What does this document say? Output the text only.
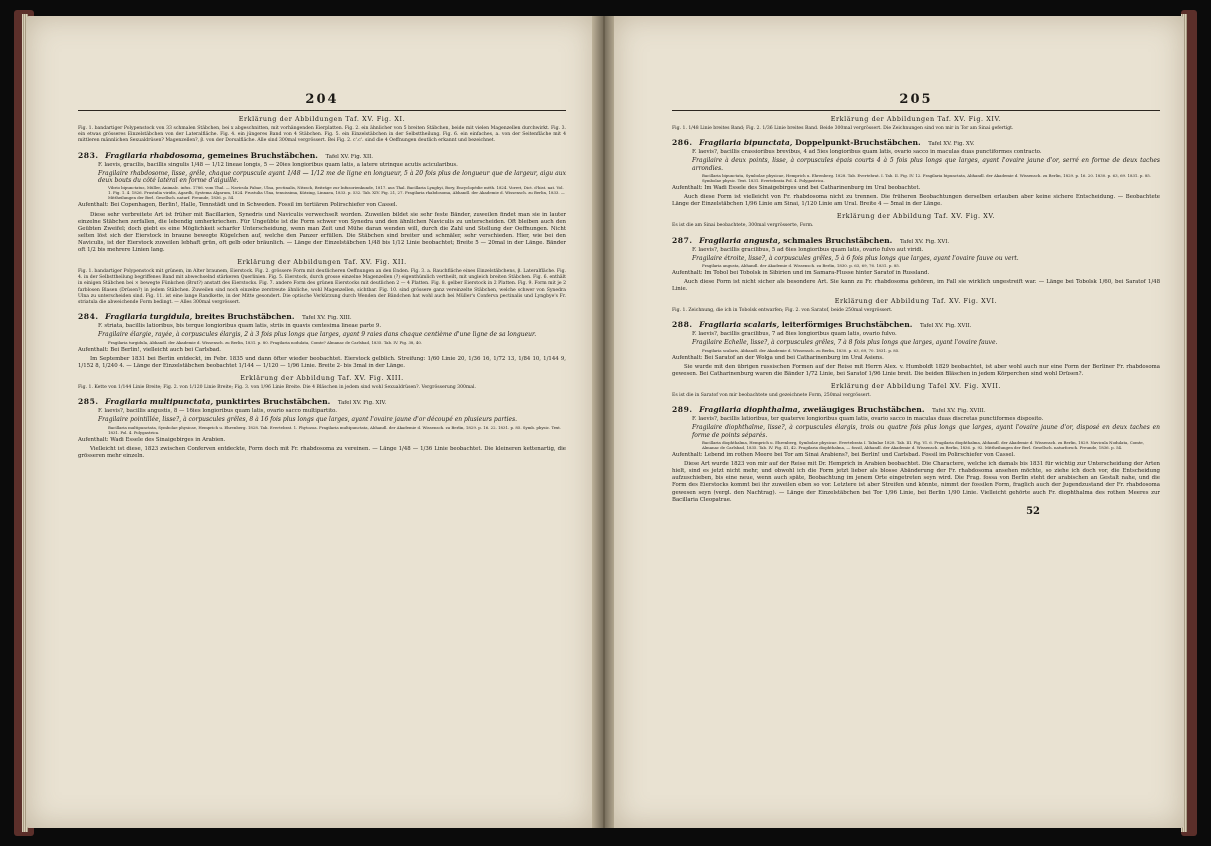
204
Erklärung der Abbildungen Taf. XV. Fig. XI.

Fig. 1. bandartiger Polypenstock von 33 schmalen Stäbchen, bei x abgeschnitten, mit vorhängenden Eierplatten. Fig. 2. ein ähnlicher von 5 breiten Stäbchen, beide mit vielen Magenzellen durchwirkt. Fig. 3. ein etwas grösseres Einzelstäbchen von der Lateralfläche. Fig. 4. ein jüngeres Band von 4 Stäbchen. Fig. 5. ein Einzelstäbchen in der Selbsttheilung. Fig. 6. ein einfaches, a. von der Seitenfläche mit 4 mittleren männlichen Sexualdrüsen? Magenzellen?, β. von der Dorsalfläche. Alle sind 300mal vergrössert. Bei Fig. 2. c'.c'. sind die 4 Oeffnungen deutlich erkannt und bezeichnet.

283. Fragilaria rhabdosoma, gemeines Bruchstäbchen. Tafel XV. Fig. XII.

F. laevis, gracilis, bacillis singulis 1/48 — 1/12 lineae longis, 5 — 20ies longioribus quam latis, a latere utrinque acutis acicularibus.

Fragilaire rhabdosome, lisse, grêle, chaque corpuscule ayant 1/48 — 1/12 me de ligne en longueur, 5 à 20 fois plus de longueur que de largeur, aigu aux deux bouts du côté latéral en forme d'aiguille.

Vibrio bipunctatus, Müller, Animalc. infus. 1786. vom Thal. — Navicula Fabae, Ulna, pectinalis, Nitzsch, Beiträge zur Infusorienkunde, 1817. aus Thal. Bacillaria Lyngbyi, Bory, Encyclopédie méth. 1824. Vorret, Dict. d'hist. nat. Vol. 1. Fig. 1. 4. 1826. Frustulia viridis, Agardh, Systema Algarum, 1824. Frustulia Ulna, tenuissima, Kützing, Linnaea, 1833. p. 532. Tab. XIV. Fig. 21, 27. Fragilaria rhabdosoma, Abhandl. der Akademie d. Wissensch. zu Berlin, 1833. — Mittheilungen der Berl. Gesellsch. naturf. Freunde, 1836. p. 54.

Aufenthalt: Bei Copenhagen, Berlin!, Halle, Tennstädt und in Schweden. Fossil im tertiären Polirschiefer von Cassel.

Diese sehr verbreitete Art ist früher mit Bacillarien, Synedris und Naviculis verwechselt worden. Zuweilen bildet sie sehr feste Bänder, zuweilen findet man sie in lauter einzelne Stäbchen zerfallen, die lebendig umherkriechen. Für Ungeübte ist die Form schwer von Synedra und den ähnlichen Naviculis zu unterscheiden. Oft bleiben auch den Geübten Zweifel; doch giebt es eine Möglichkeit scharfer Unterscheidung, wenn man Zeit und Mühe daran wenden will, durch die Zahl und Stellung der Oeffnungen. Nicht selten löst sich der Eierstock in braune bewegte Kügelchen auf, welche den Panzer erfüllen. Die Stäbchen sind breiter und schmäler, sehr verschieden. Hier, wie bei den Naviculis, ist der Eierstock zuweilen lebhaft grün, oft gelb oder bräunlich. — Länge der Einzelstäbchen 1/48 bis 1/12 Linie beobachtet; Breite 5 — 20mal in der Länge. Bänder oft 1/2 bis mehrere Linien lang.

Erklärung der Abbildungen Taf. XV. Fig. XII.

Fig. 1. bandartiger Polypenstock mit grünem, im Alter braunem, Eierstock. Fig. 2. grössere Form mit deutlicheren Oeffnungen an den Enden. Fig. 3. a. Rauchfläche eines Einzelstäbchens, β. Lateralfläche. Fig. 4. in der Selbsttheilung begriffenes Band mit abwechselnd stärkeren Querlinien. Fig. 5. Eierstock, durch grosse einzelne Magenzellen (?) eigenthümlich vertheilt, mit ungleich breiten Stäbchen. Fig. 6. enthält in einigen Stäbchen bei × bewegte Fünkchen (Brut?) anstatt des Eierstocks. Fig. 7. andere Form des grünen Eierstocks mit deutlichen 2 — 4 Platten. Fig. 8. gelber Eierstock in 2 Platten. Fig. 9. Form mit je 2 farblosen Blasen (Drüsen?) in jedem Stäbchen. Zuweilen sind noch einzelne zerstreute ähnliche, wohl Magenzellen, sichtbar. Fig. 10. sind grössere ganz vereinzelte Stäbchen, welche schwer von Synedra Ulna zu unterscheiden sind. Fig. 11. ist eine lange Randkette, in der Mitte gesondert. Die optische Verkürzung durch Wenden der Bändchen hat wohl auch bei Müller's Conferva pectinalis und Lyngbye's Fr. striatula die abweichende Form bedingt. — Alles 300mal vergrössert.

284. Fragilaria turgidula, breites Bruchstäbchen. Tafel XV. Fig. XIII.

F. striata, bacillis latioribus, bis terque longioribus quam latis, striis in quavis centesima lineae parte 9.

Fragilaire élargie, rayée, à corpuscules élargis, 2 à 3 fois plus longs que larges, ayant 9 raies dans chaque centième d'une ligne de sa longueur.

Fragilaria turgidula, Abhandl. der Akademie d. Wissensch. zu Berlin, 1831. p. 80. Fragilaria nodulata, Comte? Almanac de Carlsbad, 1835. Tab. IV. Fig. 38, 40.

Aufenthalt: Bei Berlin!, vielleicht auch bei Carlsbad.

Im September 1831 bei Berlin entdeckt, im Febr. 1835 und dann öfter wieder beobachtet. Eierstock gelblich. Streifung: 1/60 Linie 20, 1/36 16, 1/72 13, 1/84 10, 1/144 9, 1/152 8, 1/240 4. — Länge der Einzelstäbchen beobachtet 1/144 — 1/120 — 1/96 Linie. Breite 2- bis 3mal in der Länge.

Erklärung der Abbildung Taf. XV. Fig. XIII.

Fig. 1. Kette von 1/144 Linie Breite; Fig. 2. von 1/120 Linie Breite; Fig. 3. von 1/96 Linie Breite. Die 4 Bläschen in jedem sind wohl Sexualdrüsen?. Vergrösserung 300mal.

285. Fragilaria multipunctata, punktirtes Bruchstäbchen. Tafel XV. Fig. XIV.

F. laevis?, bacillis angustis, 8 — 16ies longioribus quam latis, ovario sacco multipartito.

Fragilaire pointillée, lisse?, à corpuscules grêles, 8 à 16 fois plus longs que larges, ayant l'ovaire jaune d'or découpé en plusieurs parties.

Bacillaria multipunctata, Symbolae physicae, Hemprich u. Ehrenberg. 1828. Tab. Evertebrat. 1. Phytozoa. Fragilaria multipunctata, Abhandl. der Akademie d. Wissensch. zu Berlin, 1829. p. 16. 22. 1831. p. 85. Symb. physic. Text. 1831. Pol. 4. Polygastrica.

Aufenthalt: Wadi Essele des Sinaigebirges in Arabien.

Vielleicht ist diese, 1823 zwischen Conferven entdeckte, Form doch mit Fr. rhabdosoma zu vereinen. — Länge 1/48 — 1/36 Linie beobachtet. Die kleineren kettenartig, die grösseren mehr einzeln.

205
Erklärung der Abbildungen Taf. XV. Fig. XIV.

Fig. 1. 1/48 Linie breites Band; Fig. 2. 1/36 Linie breites Band. Beide 300mal vergrössert. Die Zeichnungen sind von mir in Tor am Sinai gefertigt.

286. Fragilaria bipunctata, Doppelpunkt-Bruchstäbchen. Tafel XV. Fig. XV.

F. laevis?, bacillis crassioribus brevibus, 4 ad 5ies longioribus quam latis, ovario sacco in maculas duas punctiformes contracto.

Fragilaire à deux points, lisse, à corpuscules épais courts 4 à 5 fois plus longs que larges, ayant l'ovaire jaune d'or, serré en forme de deux taches arrondies.

Bacillaria bipunctata, Symbolae physicae, Hemprich u. Ehrenberg. 1828. Tab. Evertebrat. I. Tab. II. Fig. IV. 12. Fragilaria bipunctata, Abhandl. der Akademie d. Wissensch. zu Berlin, 1829. p. 16. 20. 1830. p. 63, 69. 1831. p. 85. Symbolae physic. Text. 1831. Evertebrata Pol. 4. Polygastrica.

Aufenthalt: Im Wadi Essele des Sinaigebirges und bei Catharinenburg im Ural beobachtet.

Auch diese Form ist vielleicht von Fr. rhabdosoma nicht zu trennen. Die früheren Beobachtungen derselben erlauben aber keine sichere Entscheidung. — Beobachtete Länge der Einzelstäbchen 1/96 Linie am Sinai, 1/120 Linie am Ural. Breite 4 — 5mal in der Länge.

Erklärung der Abbildung Taf. XV. Fig. XV.

Es ist die am Sinai beobachtete, 300mal vergrösserte, Form.

287. Fragilaria angusta, schmales Bruchstäbchen. Tafel XV. Fig. XVI.

F. laevis?, bacillis gracilibus, 5 ad 6ies longioribus quam latis, ovario fulvo aut viridi.

Fragilaire étroite, lisse?, à corpuscules grêles, 5 à 6 fois plus longs que larges, ayant l'ovaire fauve ou vert.

Fragilaria angusta, Abhandl. der Akademie d. Wissensch. zu Berlin, 1830. p. 63, 69, 76. 1831. p. 85.

Aufenthalt: Im Tobol bei Tobolsk in Sibirien und im Samara-Flusse hinter Saratof in Russland.

Auch diese Form ist nicht sicher als besondere Art. Sie kann zu Fr. rhabdosoma gehören, im Fall sie wirklich ungestreift war. — Länge bei Tobolsk 1/60, bei Saratof 1/48 Linie.

Erklärung der Abbildung Taf. XV. Fig. XVI.

Fig. 1. Zeichnung, die ich in Tobolsk entwarfen; Fig. 2. von Saratof, beide 250mal vergrössert.

288. Fragilaria scalaris, leiterförmiges Bruchstäbchen. Tafel XV. Fig. XVII.

F. laevis?, bacillis gracilibus, 7 ad 8ies longioribus quam latis, ovario fulvo.

Fragilaire Echelle, lisse?, à corpuscules grêles, 7 à 8 fois plus longs que larges, ayant l'ovaire fauve.

Fragilaria scalaris, Abhandl. der Akademie d. Wissensch. zu Berlin, 1830. p. 63, 69, 70. 1831. p. 85.

Aufenthalt: Bei Saratof an der Wolga und bei Catharinenburg im Ural Asiens.

Sie wurde mit den übrigen russischen Formen auf der Reise mit Herrn Alex. v. Humboldt 1829 beobachtet, ist aber wohl auch nur eine Form der Berliner Fr. rhabdosoma gewesen. Bei Catharinenburg waren die Bänder 1/72 Linie, bei Saratof 1/96 Linie breit. Die beiden Bläschen in jedem Körperchen sind wohl Drüsen?.

Erklärung der Abbildung Tafel XV. Fig. XVII.

Es ist die in Saratof von mir beobachtete und gezeichnete Form, 250mal vergrössert.

289. Fragilaria diophthalma, zweiäugiges Bruchstäbchen. Tafel XV. Fig. XVIII.

F. laevis?, bacillis latioribus, ter quaterve longioribus quam latis, ovario sacco in maculas duas discretas punctiformes disposito.

Fragilaire diophthalme, lisse?, à corpuscules élargis, trois ou quatre fois plus longs que larges, ayant l'ovaire jaune d'or, disposé en deux taches en forme de points séparés.

Bacillaria diophthalma, Hemprich u. Ehrenberg, Symbolae physicae. Evertebrata I. Tabulae 1828. Tab. III. Fig. VI. 6. Fragilaria diophthalma, Abhandl. der Akademie d. Wissensch. zu Berlin, 1829. Navicula Nodulata, Comte, Almanac de Carlsbad, 1835. Tab. IV. Fig. 41, 42. Fragilaria diophthalma, — fossil, Abhandl. der Akademie d. Wissensch. zu Berlin, 1836. p. 92. Mittheilungen der Berl. Gesellsch. naturforsch. Freunde, 1836. p. 54.

Aufenthalt: Lebend im rothen Meere bei Tor am Sinai Arabiens?, bei Berlin! und Carlsbad. Fossil im Polirschiefer von Cassel.

Diese Art wurde 1823 von mir auf der Reise mit Dr. Hemprich in Arabien beobachtet. Die Charactere, welche ich damals bis 1831 für wichtig zur Unterscheidung der Arten hielt, sind es jetzt nicht mehr, und obwohl ich die Form jetzt lieber als blosse Abänderung der Fr. rhabdosoma ansehen möchte, so ziehe ich doch vor, die Entscheidung aufzuschieben, bis eine neue, wenn auch späte, Beobachtung im jenem Orte eingetreten seyn wird. Die Frag. fossa von Berlin steht der arabischen an Gestalt nahe, und die Form des Eierstocks kommt bei ihr zuweilen eben so vor. Letztere ist aber Streifen und könnte, nimmt der fossilen Form, fraglich auch der Jugendzustand der Fr. rhabdosoma gewesen seyn (vergl. den Nachtrag). — Länge der Einzelstäbchen bei Tor 1/96 Linie, bei Berlin 1/90 Linie. Vielleicht gehörte auch Fr. diophthalma des rothen Meeres zur Bacillaria Cleopatrae.

52
